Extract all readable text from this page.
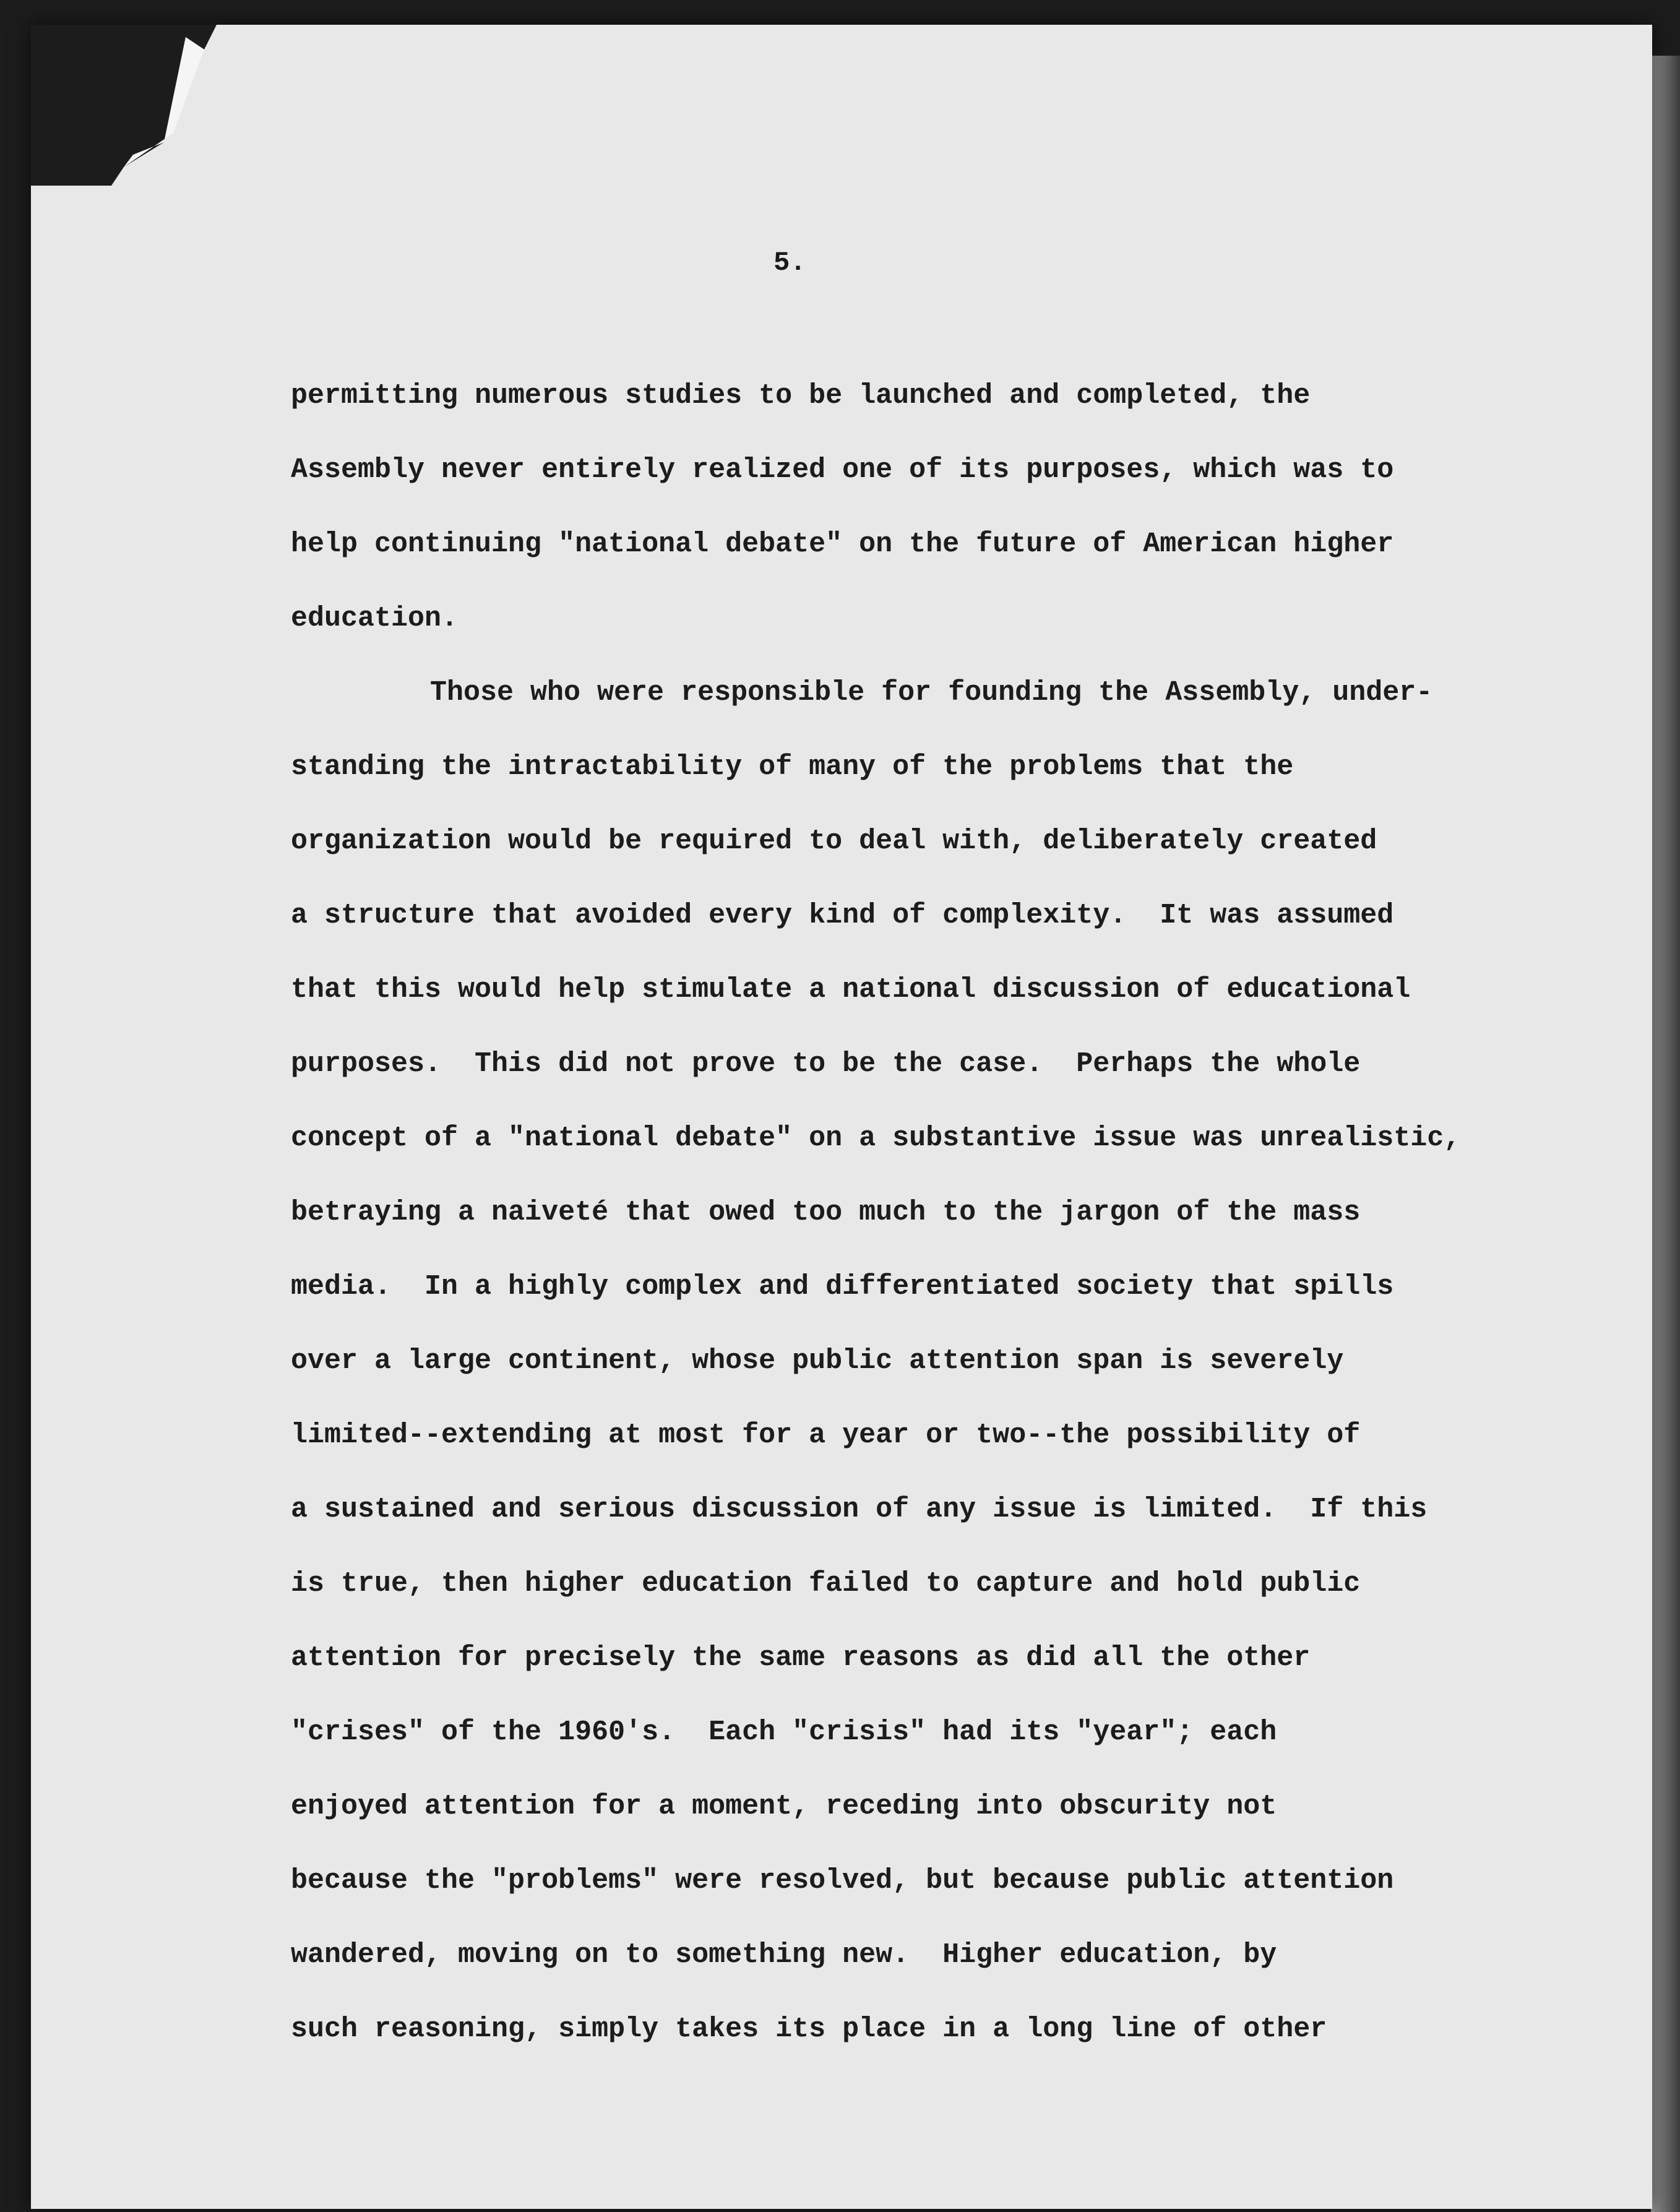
5.

permitting numerous studies to be launched and completed, the
Assembly never entirely realized one of its purposes, which was to
help continuing "national debate" on the future of American higher
education.
Those who were responsible for founding the Assembly, under-
standing the intractability of many of the problems that the
organization would be required to deal with, deliberately created
a structure that avoided every kind of complexity.  It was assumed
that this would help stimulate a national discussion of educational
purposes.  This did not prove to be the case.  Perhaps the whole
concept of a "national debate" on a substantive issue was unrealistic,
betraying a naiveté that owed too much to the jargon of the mass
media.  In a highly complex and differentiated society that spills
over a large continent, whose public attention span is severely
limited--extending at most for a year or two--the possibility of
a sustained and serious discussion of any issue is limited.  If this
is true, then higher education failed to capture and hold public
attention for precisely the same reasons as did all the other
"crises" of the 1960's.  Each "crisis" had its "year"; each
enjoyed attention for a moment, receding into obscurity not
because the "problems" were resolved, but because public attention
wandered, moving on to something new.  Higher education, by
such reasoning, simply takes its place in a long line of other
